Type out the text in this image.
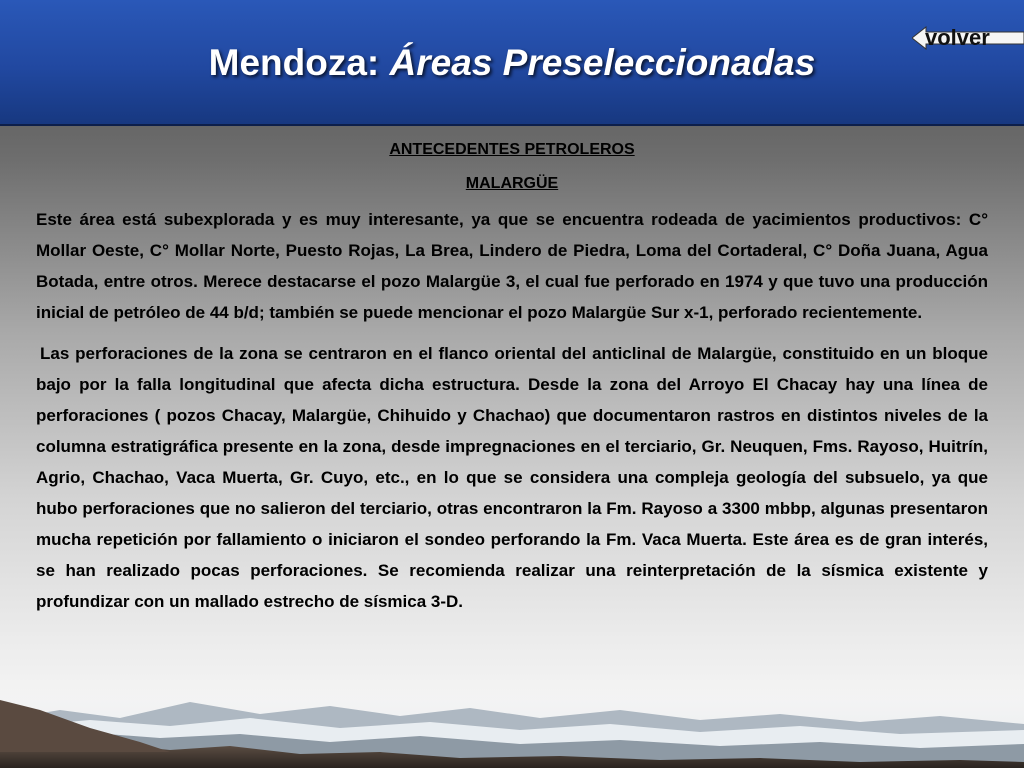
Mendoza: Áreas Preseleccionadas
volver

ANTECEDENTES PETROLEROS

MALARGÜE

Este área está subexplorada y es muy interesante, ya que se encuentra rodeada de yacimientos productivos: C° Mollar Oeste, C° Mollar Norte, Puesto Rojas, La Brea, Lindero de Piedra, Loma del Cortaderal, C° Doña Juana, Agua Botada, entre otros. Merece destacarse el pozo Malargüe 3, el cual fue perforado en 1974 y que tuvo una producción inicial de petróleo de 44 b/d; también se puede mencionar el pozo Malargüe Sur x-1, perforado recientemente.

Las perforaciones de la zona se centraron en el flanco oriental del anticlinal de Malargüe, constituido en un bloque bajo por la falla longitudinal que afecta dicha estructura. Desde la zona del Arroyo El Chacay hay una línea de perforaciones ( pozos Chacay, Malargüe, Chihuido y Chachao) que documentaron rastros en distintos niveles de la columna estratigráfica presente en la zona, desde impregnaciones en el terciario, Gr. Neuquen, Fms. Rayoso, Huitrín, Agrio, Chachao, Vaca Muerta, Gr. Cuyo, etc., en lo que se considera una compleja geología del subsuelo, ya que hubo perforaciones que no salieron del terciario, otras encontraron la Fm. Rayoso a 3300 mbbp, algunas presentaron mucha repetición por fallamiento o iniciaron el sondeo perforando la Fm. Vaca Muerta. Este área es de gran interés, se han realizado pocas perforaciones. Se recomienda realizar una reinterpretación de la sísmica existente y profundizar con un mallado estrecho de sísmica 3-D.
